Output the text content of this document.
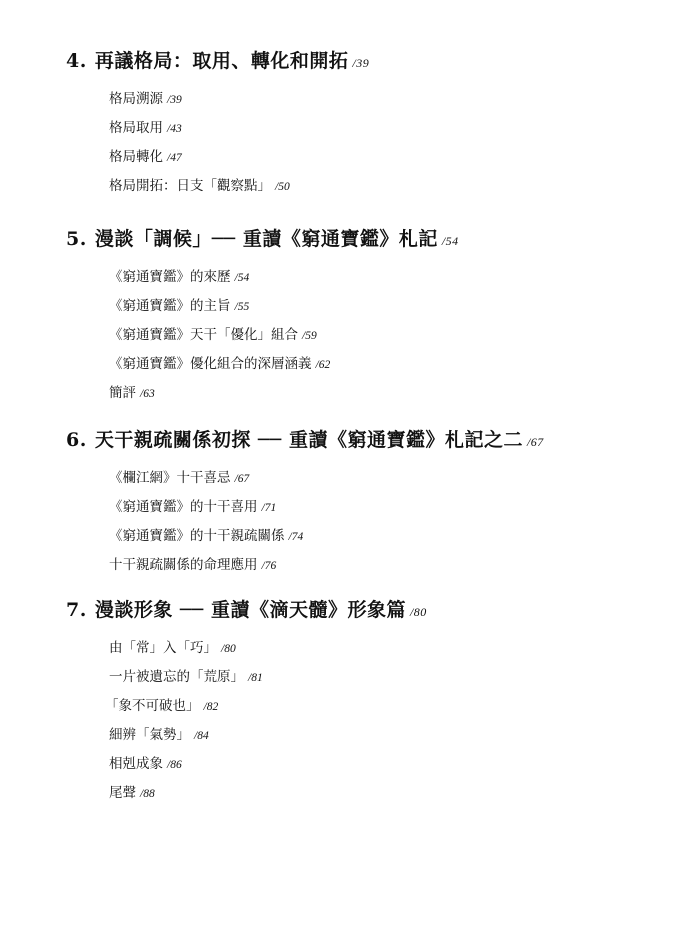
4. 再議格局：取用、轉化和開拓 /39
格局溯源 /39
格局取用 /43
格局轉化 /47
格局開拓：日支「觀察點」 /50
5. 漫談「調候」── 重讀《窮通寶鑑》札記 /54
《窮通寶鑑》的來歷 /54
《窮通寶鑑》的主旨 /55
《窮通寶鑑》天干「優化」組合 /59
《窮通寶鑑》優化組合的深層涵義 /62
簡評 /63
6. 天干親疏關係初探 ── 重讀《窮通寶鑑》札記之二 /67
《欄江網》十干喜忌 /67
《窮通寶鑑》的十干喜用 /71
《窮通寶鑑》的十干親疏關係 /74
十干親疏關係的命理應用 /76
7. 漫談形象 ── 重讀《滴天髓》形象篇 /80
由「常」入「巧」 /80
一片被遺忘的「荒原」 /81
「象不可破也」 /82
細辨「氣勢」 /84
相剋成象 /86
尾聲 /88
